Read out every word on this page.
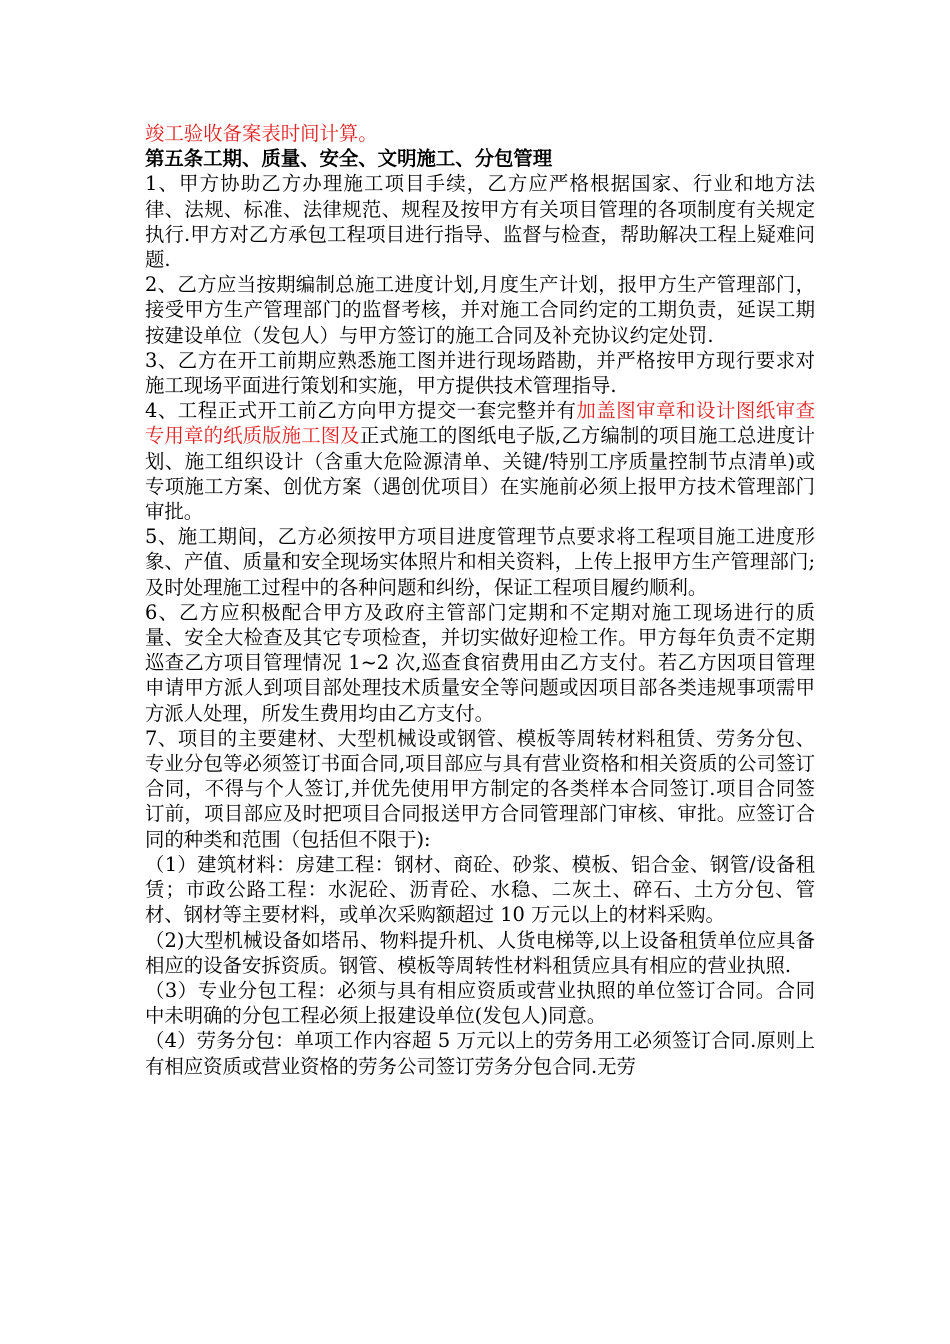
竣工验收备案表时间计算。

第五条工期、质量、安全、文明施工、分包管理

1、甲方协助乙方办理施工项目手续，乙方应严格根据国家、行业和地方法律、法规、标准、法律规范、规程及按甲方有关项目管理的各项制度有关规定执行.甲方对乙方承包工程项目进行指导、监督与检查，帮助解决工程上疑难问题.

2、乙方应当按期编制总施工进度计划,月度生产计划，报甲方生产管理部门，接受甲方生产管理部门的监督考核，并对施工合同约定的工期负责，延误工期按建设单位（发包人）与甲方签订的施工合同及补充协议约定处罚.

3、乙方在开工前期应熟悉施工图并进行现场踏勘，并严格按甲方现行要求对施工现场平面进行策划和实施，甲方提供技术管理指导.

4、工程正式开工前乙方向甲方提交一套完整并有加盖图审章和设计图纸审查专用章的纸质版施工图及正式施工的图纸电子版,乙方编制的项目施工总进度计划、施工组织设计（含重大危险源清单、关键/特别工序质量控制节点清单)或专项施工方案、创优方案（遇创优项目）在实施前必须上报甲方技术管理部门审批。

5、施工期间，乙方必须按甲方项目进度管理节点要求将工程项目施工进度形象、产值、质量和安全现场实体照片和相关资料，上传上报甲方生产管理部门;及时处理施工过程中的各种问题和纠纷，保证工程项目履约顺利。

6、乙方应积极配合甲方及政府主管部门定期和不定期对施工现场进行的质量、安全大检查及其它专项检查，并切实做好迎检工作。甲方每年负责不定期巡查乙方项目管理情况 1~2 次,巡查食宿费用由乙方支付。若乙方因项目管理申请甲方派人到项目部处理技术质量安全等问题或因项目部各类违规事项需甲方派人处理，所发生费用均由乙方支付。

7、项目的主要建材、大型机械设或钢管、模板等周转材料租赁、劳务分包、专业分包等必须签订书面合同,项目部应与具有营业资格和相关资质的公司签订合同，不得与个人签订,并优先使用甲方制定的各类样本合同签订.项目合同签订前，项目部应及时把项目合同报送甲方合同管理部门审核、审批。应签订合同的种类和范围（包括但不限于):

（1）建筑材料：房建工程：钢材、商砼、砂浆、模板、铝合金、钢管/设备租赁；市政公路工程：水泥砼、沥青砼、水稳、二灰土、碎石、土方分包、管材、钢材等主要材料，或单次采购额超过 10 万元以上的材料采购。

（2)大型机械设备如塔吊、物料提升机、人货电梯等,以上设备租赁单位应具备相应的设备安拆资质。钢管、模板等周转性材料租赁应具有相应的营业执照.

（3）专业分包工程：必须与具有相应资质或营业执照的单位签订合同。合同中未明确的分包工程必须上报建设单位(发包人)同意。

（4）劳务分包：单项工作内容超 5 万元以上的劳务用工必须签订合同.原则上有相应资质或营业资格的劳务公司签订劳务分包合同.无劳
